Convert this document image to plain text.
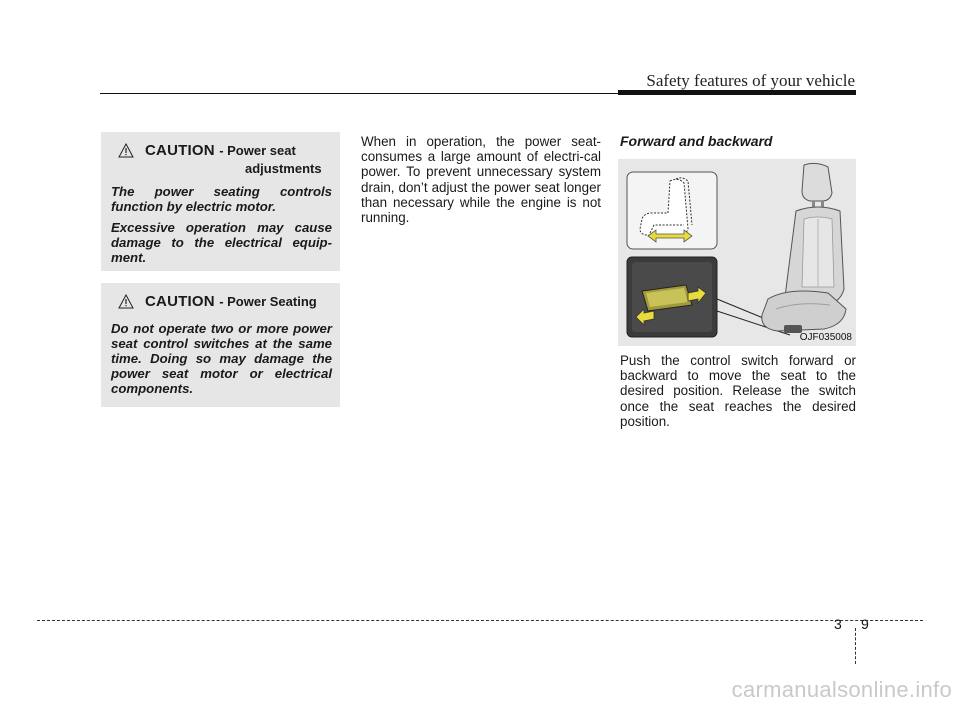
Safety features of your vehicle
CAUTION - Power seat
adjustments

The power seating controls function by electric motor.

Excessive operation may cause damage to the electrical equip-ment.

CAUTION - Power Seating

Do not operate two or more power seat control switches at the same time. Doing so may damage the power seat motor or electrical components.

When in operation, the power seat-consumes a large amount of electri-cal power. To prevent unnecessary system drain, don’t adjust the power seat longer than necessary while the engine is not running.

Forward and backward
OJF035008

Push the control switch forward or backward to move the seat to the desired position. Release the switch once the seat reaches the desired position.

3 9
carmanualsonline.info
